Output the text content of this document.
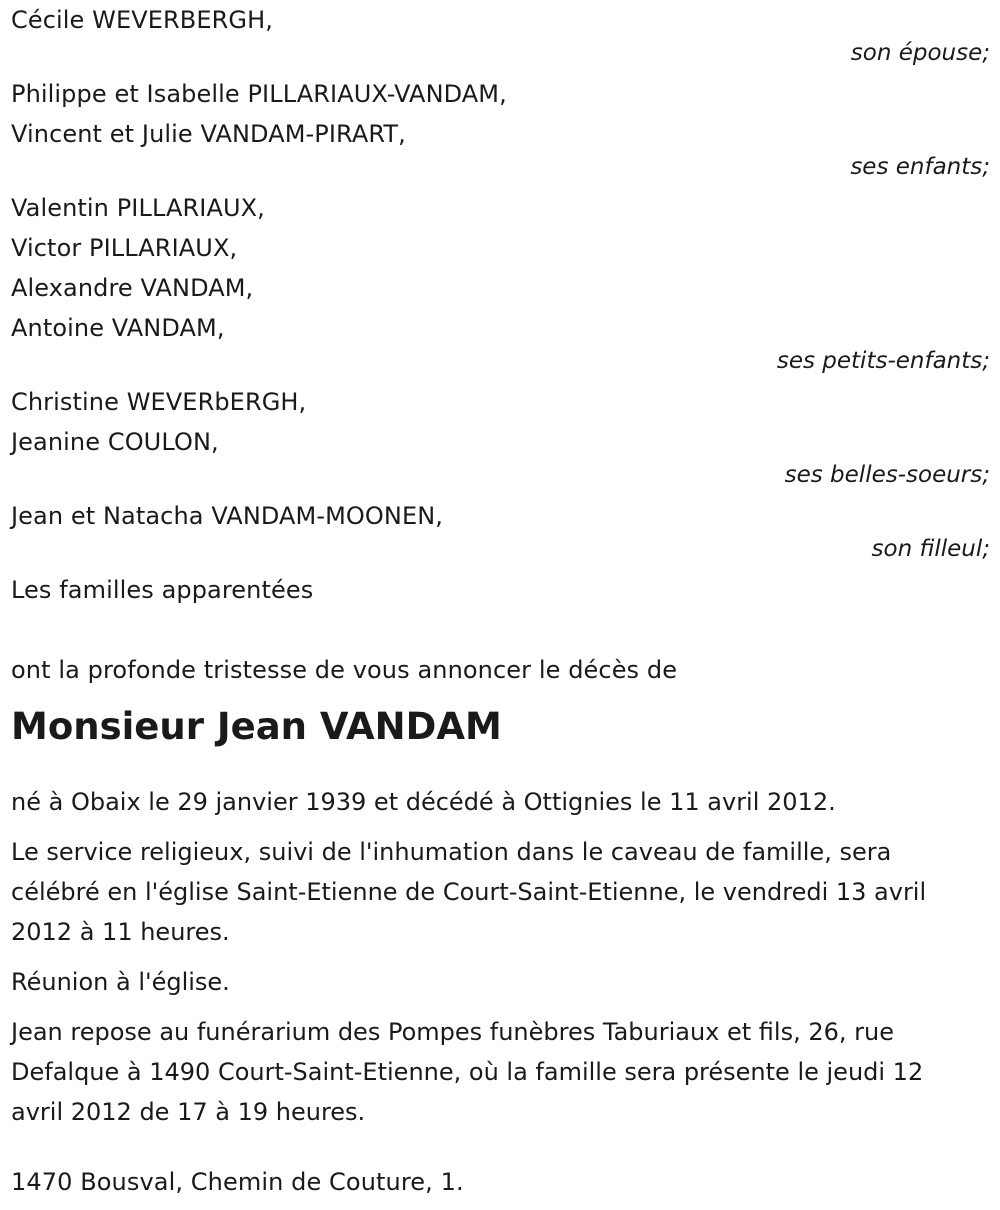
Cécile WEVERBERGH,
son épouse;
Philippe et Isabelle PILLARIAUX-VANDAM,
Vincent et Julie VANDAM-PIRART,
ses enfants;
Valentin PILLARIAUX,
Victor PILLARIAUX,
Alexandre VANDAM,
Antoine VANDAM,
ses petits-enfants;
Christine WEVERbERGH,
Jeanine COULON,
ses belles-soeurs;
Jean et Natacha VANDAM-MOONEN,
son filleul;
Les familles apparentées
ont la profonde tristesse de vous annoncer le décès de
Monsieur Jean VANDAM
né à Obaix le 29 janvier 1939 et décédé à Ottignies le 11 avril 2012.
Le service religieux, suivi de l'inhumation dans le caveau de famille, sera célébré en l'église Saint-Etienne de Court-Saint-Etienne, le vendredi 13 avril 2012 à 11 heures.
Réunion à l'église.
Jean repose au funérarium des Pompes funèbres Taburiaux et fils, 26, rue Defalque à 1490 Court-Saint-Etienne, où la famille sera présente le jeudi 12 avril 2012 de 17 à 19 heures.
1470 Bousval, Chemin de Couture, 1.
